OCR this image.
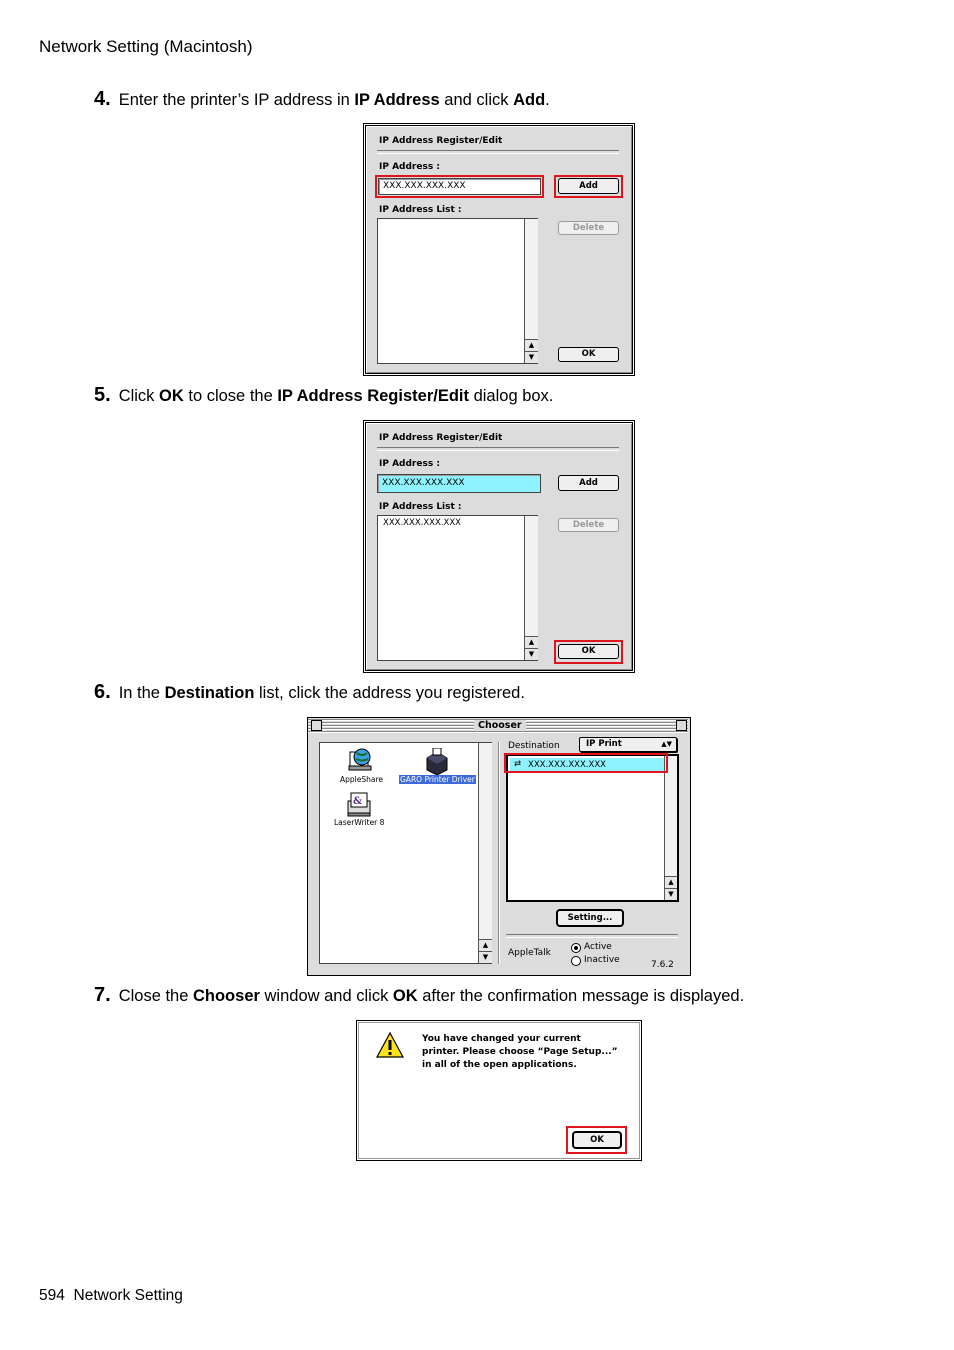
Network Setting (Macintosh)
4. Enter the printer’s IP address in IP Address and click Add.
IP Address Register/Edit
IP Address :
XXX.XXX.XXX.XXX	Add
IP Address List :
▲
▼
Delete
OK
5. Click OK to close the IP Address Register/Edit dialog box.
IP Address Register/Edit
IP Address :
XXX.XXX.XXX.XXX	Add
IP Address List :
XXX.XXX.XXX.XXX
▲
▼
Delete
OK
6. In the Destination list, click the address you registered.
Chooser
▲
▼
AppleShare GARO Printer Driver
&
LaserWriter 8
Destination	IP Print	▲▼
⇄ XXX.XXX.XXX.XXX
▲
▼
Setting...
AppleTalk
Active
Inactive	7.6.2
7. Close the Chooser window and click OK after the confirmation message is displayed.
You have changed your current
printer. Please choose “Page Setup...”
in all of the open applications.
OK
594 Network Setting
